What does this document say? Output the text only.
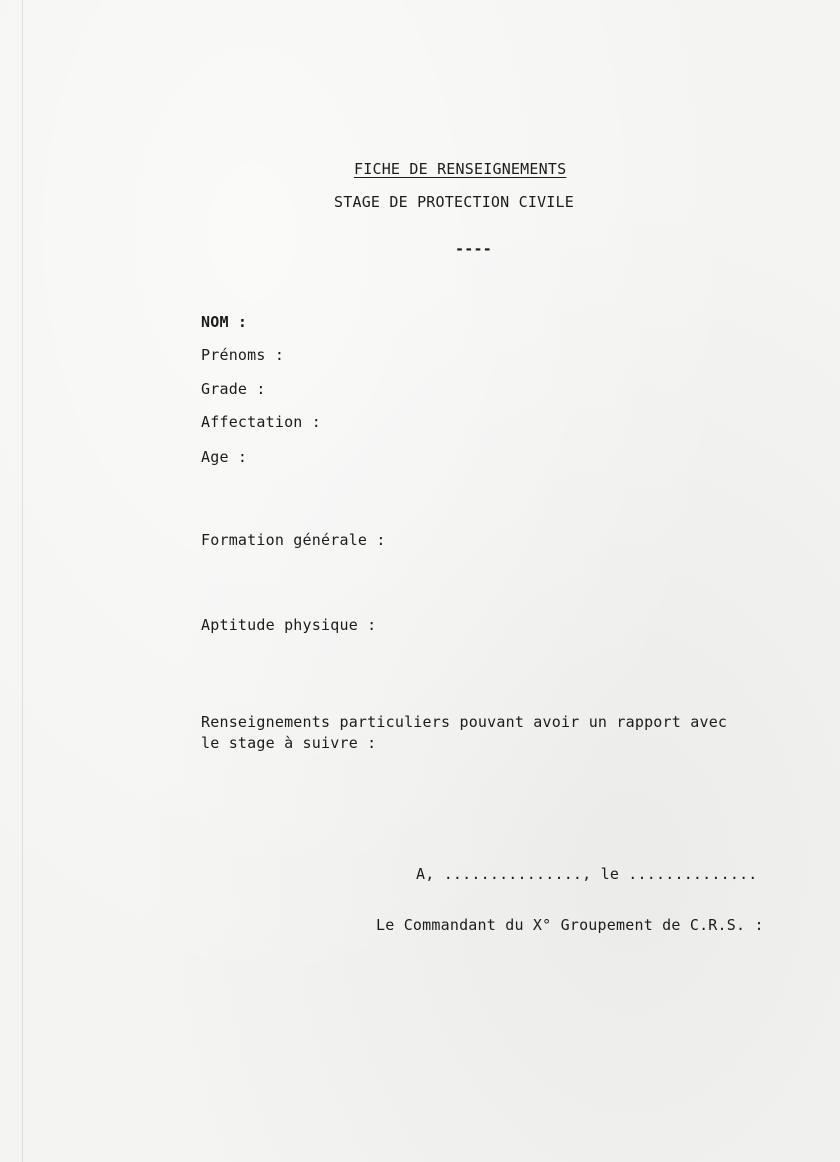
FICHE DE RENSEIGNEMENTS
STAGE DE PROTECTION CIVILE
----
NOM :
Prénoms :
Grade :
Affectation :
Age :
Formation générale :
Aptitude physique :
Renseignements particuliers pouvant avoir un rapport avec
le stage à suivre :
A, ..............., le ..............
Le Commandant du X° Groupement de C.R.S. :
